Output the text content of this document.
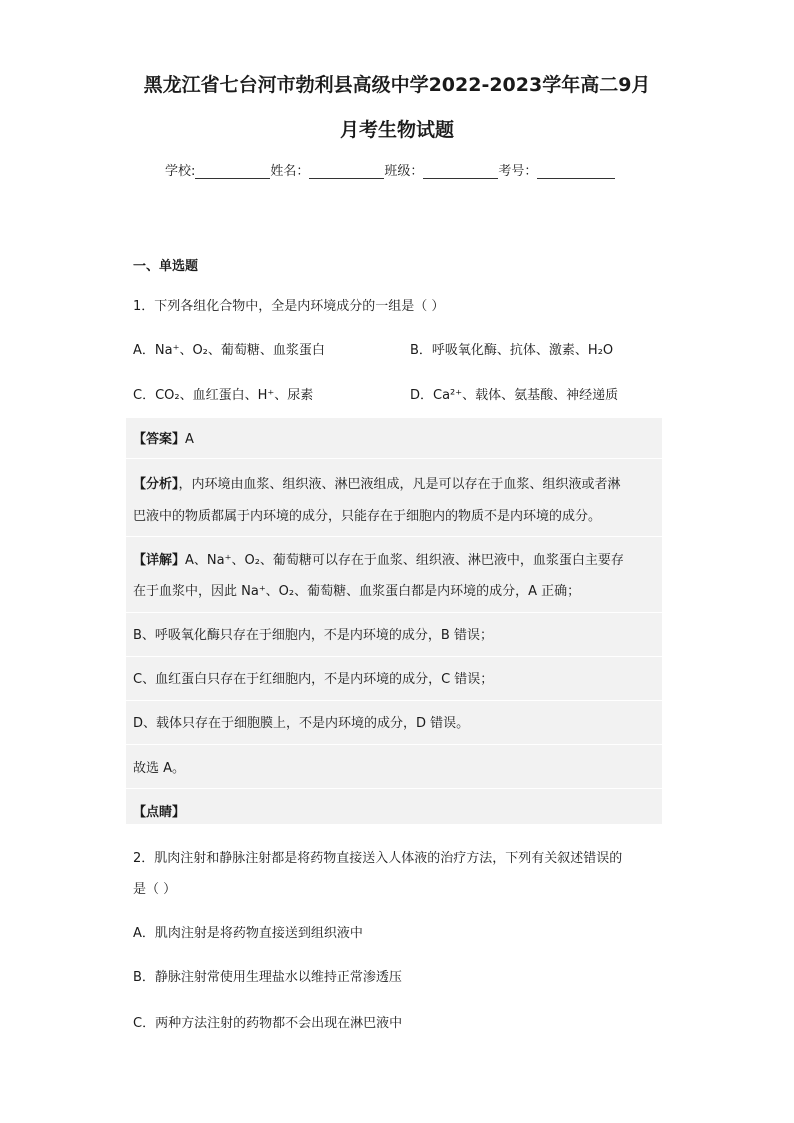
黑龙江省七台河市勃利县高级中学2022-2023学年高二9月
月考生物试题
学校:	姓名：	班级：	考号：
一、单选题
1．下列各组化合物中，全是内环境成分的一组是（ ）
A．Na⁺、O₂、葡萄糖、血浆蛋白	B．呼吸氧化酶、抗体、激素、H₂O
C．CO₂、血红蛋白、H⁺、尿素	D．Ca²⁺、载体、氨基酸、神经递质
【答案】A
【分析】，内环境由血浆、组织液、淋巴液组成，凡是可以存在于血浆、组织液或者淋
巴液中的物质都属于内环境的成分，只能存在于细胞内的物质不是内环境的成分。
【详解】A、Na⁺、O₂、葡萄糖可以存在于血浆、组织液、淋巴液中，血浆蛋白主要存
在于血浆中，因此 Na⁺、O₂、葡萄糖、血浆蛋白都是内环境的成分，A 正确；
B、呼吸氧化酶只存在于细胞内，不是内环境的成分，B 错误；
C、血红蛋白只存在于红细胞内，不是内环境的成分，C 错误；
D、载体只存在于细胞膜上，不是内环境的成分，D 错误。
故选 A。
【点睛】
2．肌肉注射和静脉注射都是将药物直接送入人体液的治疗方法，下列有关叙述错误的
是（ ）
A．肌肉注射是将药物直接送到组织液中
B．静脉注射常使用生理盐水以维持正常渗透压
C．两种方法注射的药物都不会出现在淋巴液中
